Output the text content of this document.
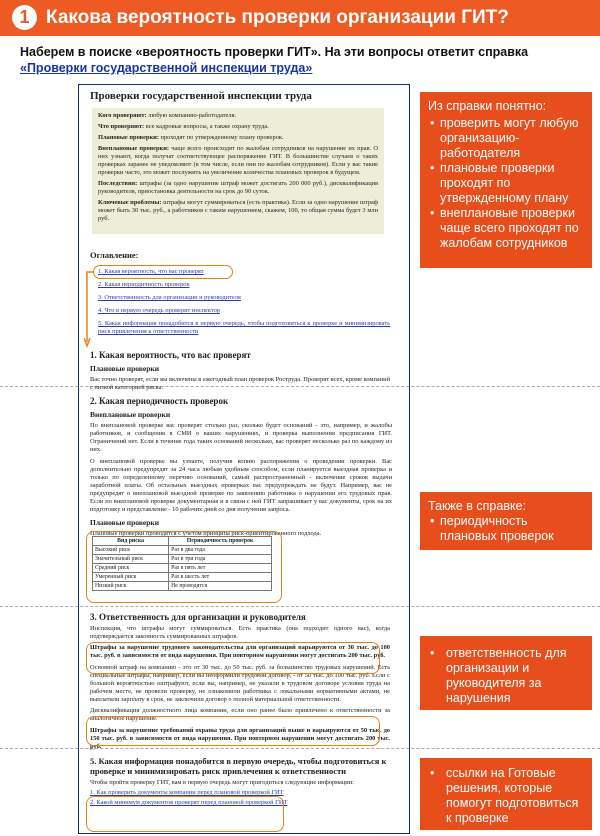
1 Какова вероятность проверки организации ГИТ?
Наберем в поиске «вероятность проверки ГИТ». На эти вопросы ответит справка «Проверки государственной инспекции труда»
Проверки государственной инспекции труда
Кого проверяют: любую компанию-работодателя.
Что проверяют: все кадровые вопросы, а также охрану труда.
Плановые проверки: проходят по утвержденному плану проверок.
Внеплановые проверки: чаще всего происходят по жалобам сотрудников на нарушение их прав. О них узнают, когда получат соответствующее распоряжение ГИТ. В большинстве случаев о таких проверках заранее не уведомляют (в том числе, если они по жалобам сотрудников). Если у вас такие проверки часто, это может послужить на увеличение количества плановых проверок в будущем.
Последствия: штрафы (за одно нарушение штраф может достигать 200 000 руб.), дисквалификация руководителя, приостановка деятельности на срок до 90 суток.
Ключевые проблемы: штрафы могут суммироваться (есть практика). Если за одно нарушение штраф может быть 30 тыс. руб., а работников с таким нарушением, скажем, 100, то общая сумма будет 3 млн руб.
Оглавление:
1. Какая вероятность, что вас проверят
2. Какая периодичность проверок
3. Ответственность для организации и руководителя
4. Что в первую очередь проверит инспектор
5. Какая информация понадобится в первую очередь, чтобы подготовиться к проверке и минимизировать риск привлечения к ответственности
1. Какая вероятность, что вас проверят
Плановые проверки
Вас точно проверят, если вы включены в ежегодный план проверок Роструда. Проверят всех, кроме компаний с низкой категорией риска.
2. Какая периодичность проверок
Внеплановые проверки
По внеплановой проверке вас проверят столько раз, сколько будет оснований - это, например, и жалобы работников, и сообщения в СМИ о ваших нарушениях, и проверка выполнения предписания ГИТ. Ограничений нет. Если в течение года таких оснований несколько, вас проверят несколько раз по каждому из них.
О внеплановой проверке вы узнаете, получив копию распоряжения о проведении проверки. Вас дополнительно предупредят за 24 часа любым удобным способом, если планируется выездная проверка и только по определенному перечню оснований, самый распространенный - включение сроков выдачи заработной платы. Об остальных выездных проверках вас предупреждать не будут. Например, вас не предупредят о внеплановой выездной проверке по заявлению работника о нарушении его трудовых прав. Если по внеплановой проверке документарная и в связи с ней ГИТ запрашивает у вас документы, срок на их подготовку и представление - 10 рабочих дней со дня получения запроса.
Плановые проверки
Плановые проверки проводятся с учетом принципа риск-ориентированного подхода.
Вид риска	Периодичность проверок
Высокий риск	Раз в два года
Значительный риск	Раз в три года
Средний риск	Раз в пять лет
Умеренный риск	Раз в шесть лет
Низкий риск	Не проводятся
3. Ответственность для организации и руководителя
Инспекция, что штрафы могут суммироваться. Есть практика (она подходит одного вас), когда подтверждается законность суммированных штрафов.
Штрафы за нарушение трудового законодательства для организаций варьируются от 30 тыс. до 100 тыс. руб. в зависимости от вида нарушения. При повторном нарушении могут достигать 200 тыс. руб.
Основной штраф на компанию - это от 30 тыс. до 50 тыс. руб. за большинство трудовых нарушений. Есть специальные штрафы, например, если вы неоформили трудовой договор, - от 50 тыс. до 100 тыс. руб. Если с большой вероятностью оштрафуют, если вы, например, не указали в трудовом договоре условия труда на рабочем месте, не провели проверку, не ознакомили работника с локальными нормативными актами, не выплатили зарплату в срок, не заключили договор о полной материальной ответственности.
Дисквалификация должностного лица компании, если оно ранее было привлечено к ответственности за аналогичное нарушение.
Штрафы за нарушение требований охраны труда для организаций выше и варьируются от 50 тыс. до 150 тыс. руб. в зависимости от вида нарушения. При повторном нарушении могут достигать 200 тыс. руб.
5. Какая информация понадобится в первую очередь, чтобы подготовиться к проверке и минимизировать риск привлечения к ответственности
Чтобы пройти проверку ГИТ, вам в первую очередь могут пригодиться следующие информации:
1. Как проверить документы компании перед плановой проверкой ГИТ
2. Какой минимум документов проверят перед плановой проверкой ГИТ
Из справки понятно:
• проверить могут любую организацию-работодателя
• плановые проверки проходят по утвержденному плану
• внеплановые проверки чаще всего проходят по жалобам сотрудников
Также в справке:
• периодичность плановых проверок
• ответственность для организации и руководителя за нарушения
• ссылки на Готовые решения, которые помогут подготовиться к проверке
